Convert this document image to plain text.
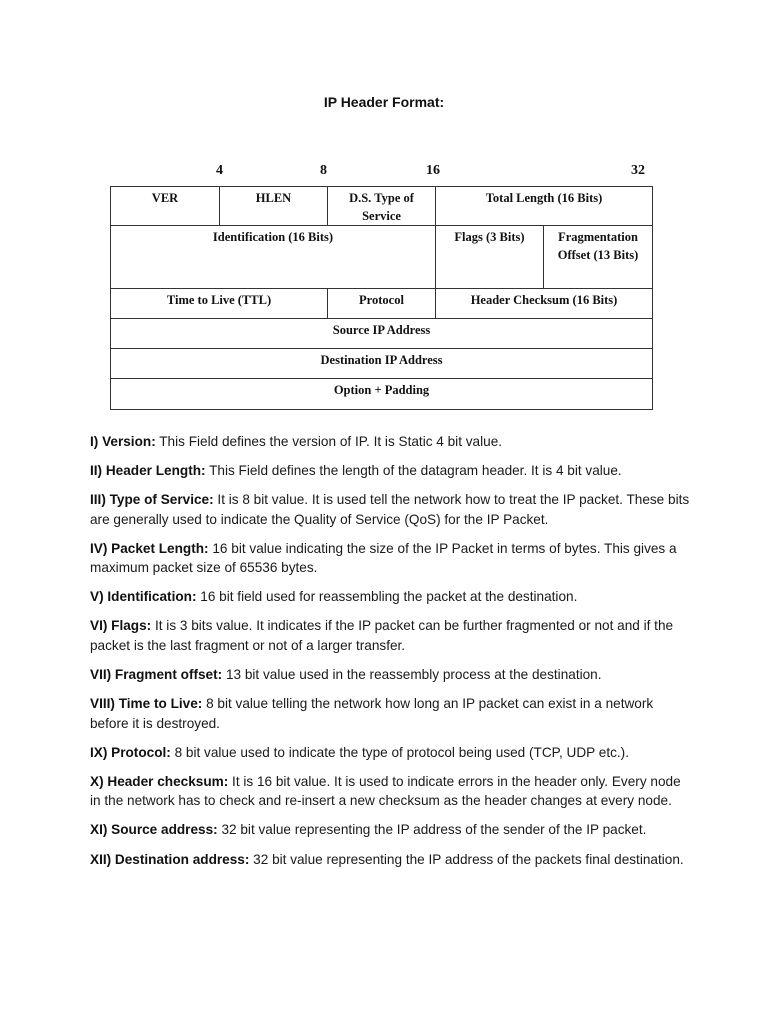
IP Header Format:
4	8	16	32
VER	HLEN	D.S. Type of Service	Total Length (16 Bits)	
Identification (16 Bits)			Flags (3 Bits)	Fragmentation Offset (13 Bits)
Time to Live (TTL)		Protocol	Header Checksum (16 Bits)	
Source IP Address				
Destination IP Address				
Option + Padding				

I) Version: This Field defines the version of IP. It is Static 4 bit value.

II) Header Length: This Field defines the length of the datagram header. It is 4 bit value.

III) Type of Service: It is 8 bit value. It is used tell the network how to treat the IP packet. These bits are generally used to indicate the Quality of Service (QoS) for the IP Packet.

IV) Packet Length: 16 bit value indicating the size of the IP Packet in terms of bytes. This gives a maximum packet size of 65536 bytes.

V) Identification: 16 bit field used for reassembling the packet at the destination.

VI) Flags: It is 3 bits value. It indicates if the IP packet can be further fragmented or not and if the packet is the last fragment or not of a larger transfer.

VII) Fragment offset: 13 bit value used in the reassembly process at the destination.

VIII) Time to Live: 8 bit value telling the network how long an IP packet can exist in a network before it is destroyed.

IX) Protocol: 8 bit value used to indicate the type of protocol being used (TCP, UDP etc.).

X) Header checksum: It is 16 bit value. It is used to indicate errors in the header only. Every node in the network has to check and re-insert a new checksum as the header changes at every node.

XI) Source address: 32 bit value representing the IP address of the sender of the IP packet.

XII) Destination address: 32 bit value representing the IP address of the packets final destination.
